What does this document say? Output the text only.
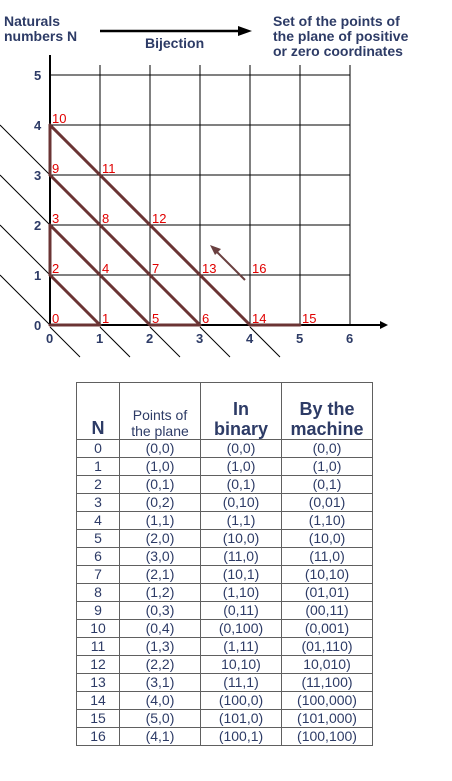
Naturals
numbers N	Bijection
Set of the points of
the plane of positive
or zero coordinates
0	1
2
3
4
5	6
7
8
9
10
11
12
13
14	15
16
0	1	2	3	4	5	6
0
1
2
3
4
5
N	Points of
the plane	In
binary	By the
machine
0	(0,0)	(0,0)	(0,0)
1	(1,0)	(1,0)	(1,0)
2	(0,1)	(0,1)	(0,1)
3	(0,2)	(0,10)	(0,01)
4	(1,1)	(1,1)	(1,10)
5	(2,0)	(10,0)	(10,0)
6	(3,0)	(11,0)	(11,0)
7	(2,1)	(10,1)	(10,10)
8	(1,2)	(1,10)	(01,01)
9	(0,3)	(0,11)	(00,11)
10	(0,4)	(0,100)	(0,001)
11	(1,3)	(1,11)	(01,110)
12	(2,2)	10,10)	10,010)
13	(3,1)	(11,1)	(11,100)
14	(4,0)	(100,0)	(100,000)
15	(5,0)	(101,0)	(101,000)
16	(4,1)	(100,1)	(100,100)
